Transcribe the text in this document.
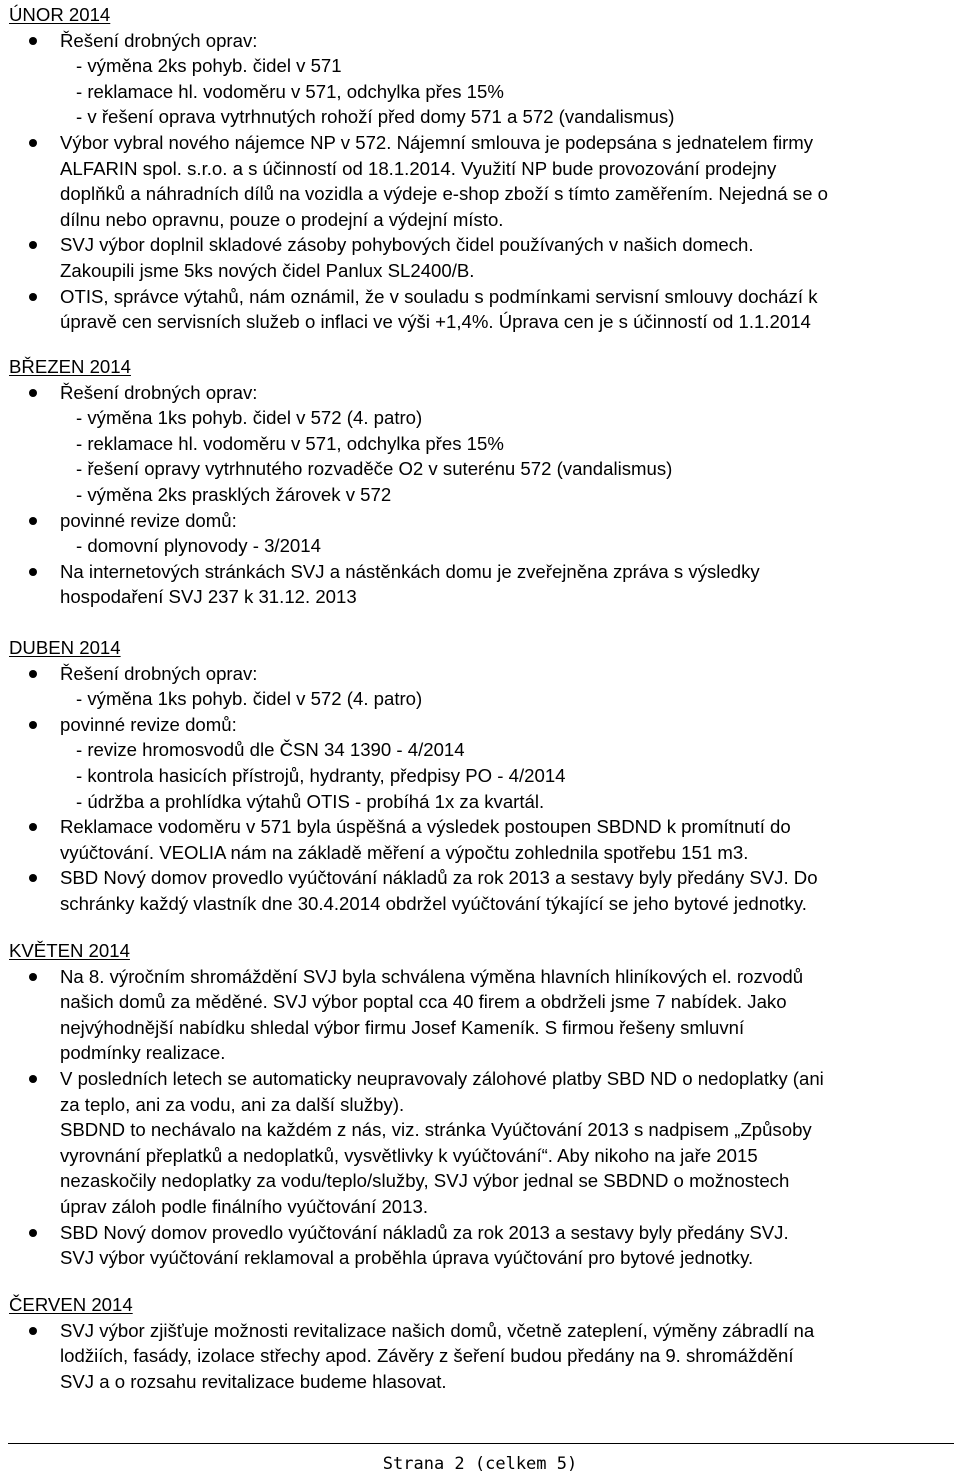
ÚNOR 2014
Řešení drobných oprav:
- výměna 2ks pohyb. čidel v 571
- reklamace hl. vodoměru v 571, odchylka přes 15%
- v řešení oprava vytrhnutých rohoží před domy 571 a 572 (vandalismus)
Výbor vybral nového nájemce NP v 572. Nájemní smlouva je podepsána s jednatelem firmy
ALFARIN spol. s.r.o. a s účinností od 18.1.2014. Využití NP bude provozování prodejny
doplňků a náhradních dílů na vozidla a výdeje e-shop zboží s tímto zaměřením. Nejedná se o
dílnu nebo opravnu, pouze o prodejní a výdejní místo.
SVJ výbor doplnil skladové zásoby pohybových čidel používaných v našich domech.
Zakoupili jsme 5ks nových čidel Panlux SL2400/B.
OTIS, správce výtahů, nám oznámil, že v souladu s podmínkami servisní smlouvy dochází k
úpravě cen servisních služeb o inflaci ve výši +1,4%. Úprava cen je s účinností od 1.1.2014
BŘEZEN 2014
Řešení drobných oprav:
- výměna 1ks pohyb. čidel v 572 (4. patro)
- reklamace hl. vodoměru v 571, odchylka přes 15%
- řešení opravy vytrhnutého rozvaděče O2 v suterénu 572 (vandalismus)
- výměna 2ks prasklých žárovek v 572
povinné revize domů:
- domovní plynovody - 3/2014
Na internetových stránkách SVJ a nástěnkách domu je zveřejněna zpráva s výsledky
hospodaření SVJ 237 k 31.12. 2013
DUBEN 2014
Řešení drobných oprav:
- výměna 1ks pohyb. čidel v 572 (4. patro)
povinné revize domů:
- revize hromosvodů dle ČSN 34 1390 - 4/2014
- kontrola hasicích přístrojů, hydranty, předpisy PO - 4/2014
- údržba a prohlídka výtahů OTIS - probíhá 1x za kvartál.
Reklamace vodoměru v 571 byla úspěšná a výsledek postoupen SBDND k promítnutí do
vyúčtování. VEOLIA nám na základě měření a výpočtu zohlednila spotřebu 151 m3.
SBD Nový domov provedlo vyúčtování nákladů za rok 2013 a sestavy byly předány SVJ. Do
schránky každý vlastník dne 30.4.2014 obdržel vyúčtování týkající se jeho bytové jednotky.
KVĚTEN 2014
Na 8. výročním shromáždění SVJ byla schválena výměna hlavních hliníkových el. rozvodů
našich domů za měděné. SVJ výbor poptal cca 40 firem a obdrželi jsme 7 nabídek. Jako
nejvýhodnější nabídku shledal výbor firmu Josef Kameník. S firmou řešeny smluvní
podmínky realizace.
V posledních letech se automaticky neupravovaly zálohové platby SBD ND o nedoplatky (ani
za teplo, ani za vodu, ani za další služby).
SBDND to nechávalo na každém z nás, viz. stránka Vyúčtování 2013 s nadpisem „Způsoby
vyrovnání přeplatků a nedoplatků, vysvětlivky k vyúčtování“. Aby nikoho na jaře 2015
nezaskočily nedoplatky za vodu/teplo/služby, SVJ výbor jednal se SBDND o možnostech
úprav záloh podle finálního vyúčtování 2013.
SBD Nový domov provedlo vyúčtování nákladů za rok 2013 a sestavy byly předány SVJ.
SVJ výbor vyúčtování reklamoval a proběhla úprava vyúčtování pro bytové jednotky.
ČERVEN 2014
SVJ výbor zjišťuje možnosti revitalizace našich domů, včetně zateplení, výměny zábradlí na
lodžiích, fasády, izolace střechy apod. Závěry z šeření budou předány na 9. shromáždění
SVJ a o rozsahu revitalizace budeme hlasovat.
Strana 2 (celkem 5)
